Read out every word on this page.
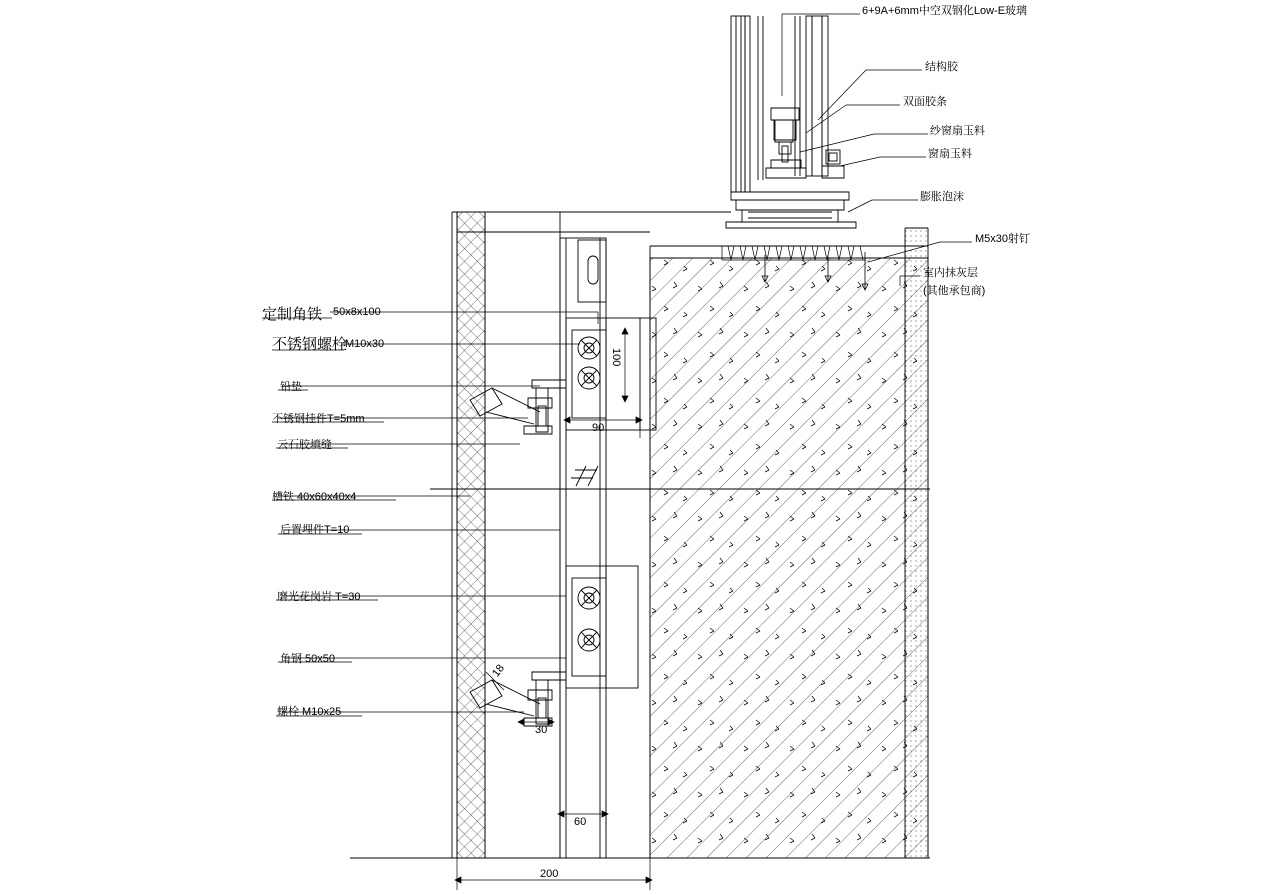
6+9A+6mm中空双钢化Low-E玻璃
结构胶
双面胶条
纱窗扇玉料
窗扇玉料
膨胀泡沫
M5x30射钉
室内抹灰层
(其他承包商)
定制角铁
不锈钢螺栓
铅垫
不锈钢挂件T=5mm
云石胶填缝
槽铁 40x60x40x4
后置埋件T=10
磨光花岗岩 T=30
角钢 50x50
螺栓 M10x25
50x8x100
M10x30
100
90
18
30
60
200
